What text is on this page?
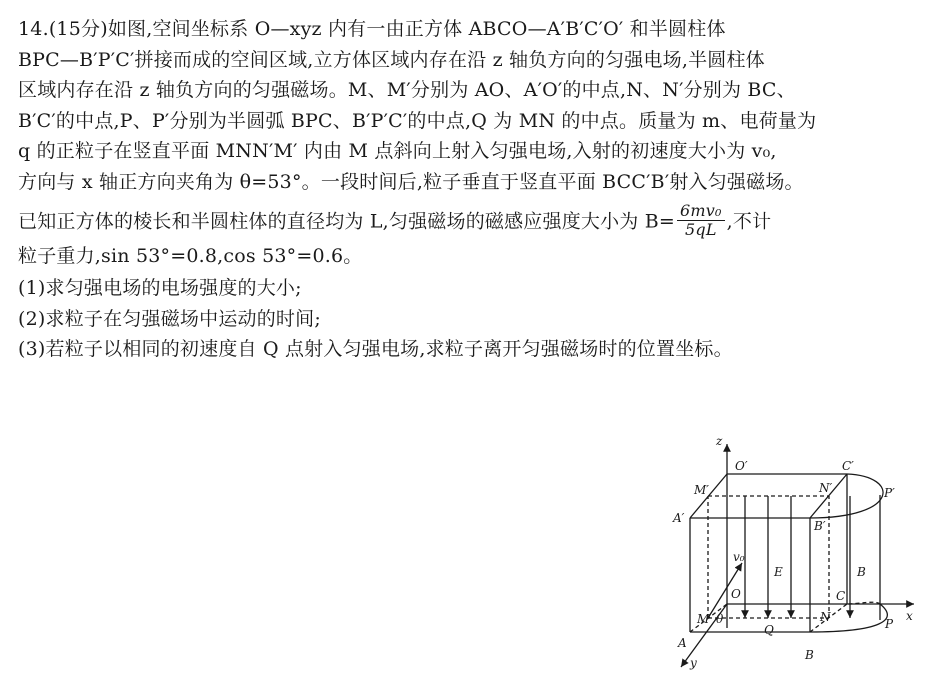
14.(15分)如图,空间坐标系 O—xyz 内有一由正方体 ABCO—A′B′C′O′ 和半圆柱体
BPC—B′P′C′拼接而成的空间区域,立方体区域内存在沿 z 轴负方向的匀强电场,半圆柱体
区域内存在沿 z 轴负方向的匀强磁场。M、M′分别为 AO、A′O′的中点,N、N′分别为 BC、
B′C′的中点,P、P′分别为半圆弧 BPC、B′P′C′的中点,Q 为 MN 的中点。质量为 m、电荷量为
q 的正粒子在竖直平面 MNN′M′ 内由 M 点斜向上射入匀强电场,入射的初速度大小为 v₀,
方向与 x 轴正方向夹角为 θ=53°。一段时间后,粒子垂直于竖直平面 BCC′B′射入匀强磁场。
已知正方体的棱长和半圆柱体的直径均为 L,匀强磁场的磁感应强度大小为 $B= \frac{\text{6mv₀}}{5qL}$ ,不计
粒子重力,sin 53°=0.8,cos 53°=0.6。
(1)求匀强电场的电场强度的大小;
(2)求粒子在匀强磁场中运动的时间;
(3)若粒子以相同的初速度自 Q 点射入匀强电场,求粒子离开匀强磁场时的位置坐标。
z
x
y
O′	C′
M′	N′	P′
A′
B′
v₀
E	B
O	C
M θ	N	P
Q
A
B
